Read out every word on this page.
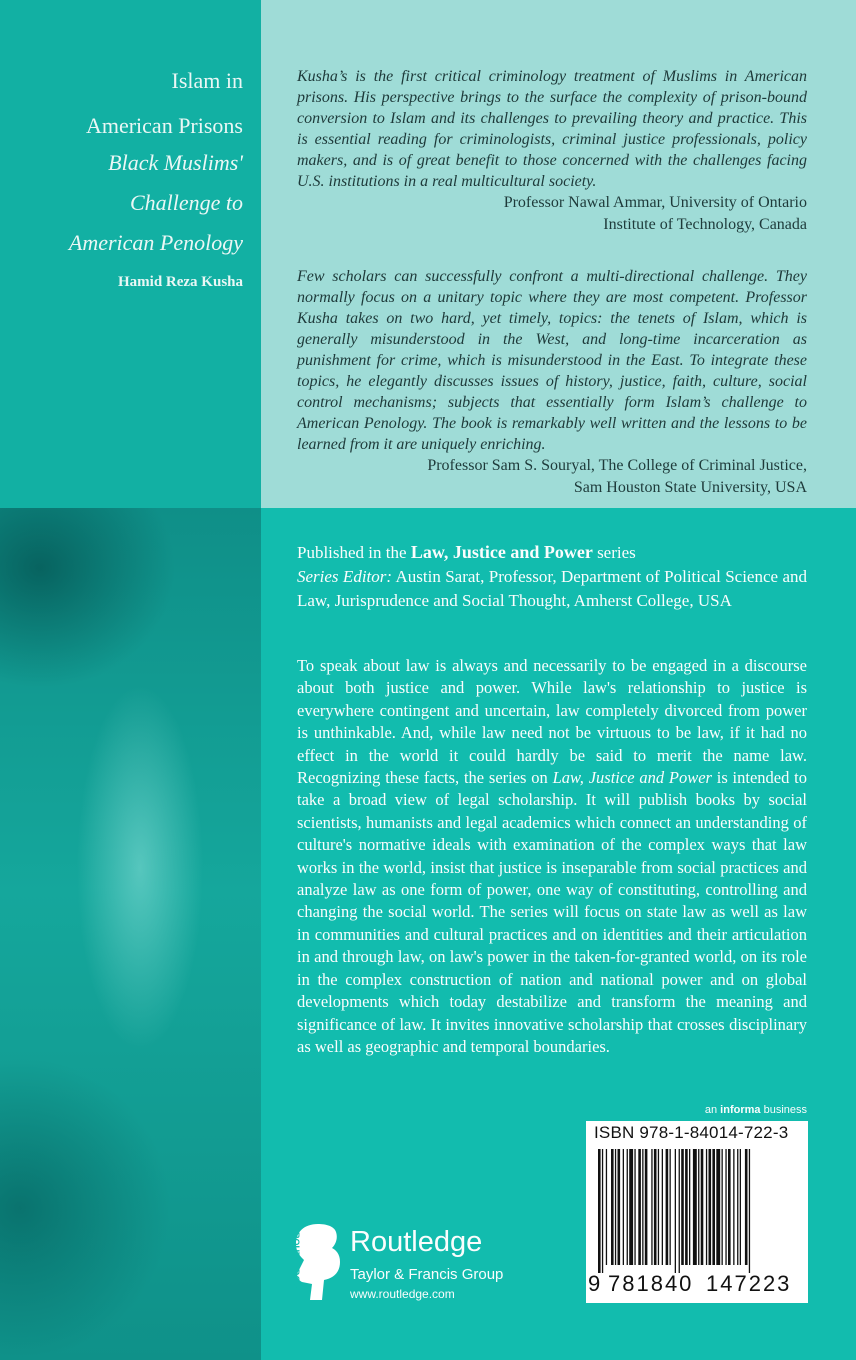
Islam in
American Prisons
Black Muslims'
Challenge to
American Penology
Hamid Reza Kusha

Kusha’s is the first critical criminology treatment of Muslims in American prisons. His perspective brings to the surface the complexity of prison-bound conversion to Islam and its challenges to prevailing theory and practice. This is essential reading for criminologists, criminal justice professionals, policy makers, and is of great benefit to those concerned with the challenges facing U.S. institutions in a real multicultural society.

Professor Nawal Ammar, University of Ontario
Institute of Technology, Canada

Few scholars can successfully confront a multi-directional challenge. They normally focus on a unitary topic where they are most competent. Professor Kusha takes on two hard, yet timely, topics: the tenets of Islam, which is generally misunderstood in the West, and long-time incarceration as punishment for crime, which is misunderstood in the East. To integrate these topics, he elegantly discusses issues of history, justice, faith, culture, social control mechanisms; subjects that essentially form Islam’s challenge to American Penology. The book is remarkably well written and the lessons to be learned from it are uniquely enriching.

Professor Sam S. Souryal, The College of Criminal Justice,
Sam Houston State University, USA
Published in the Law, Justice and Power series
Series Editor: Austin Sarat, Professor, Department of Political Science and Law, Jurisprudence and Social Thought, Amherst College, USA

To speak about law is always and necessarily to be engaged in a discourse about both justice and power. While law's relationship to justice is everywhere contingent and uncertain, law completely divorced from power is unthinkable. And, while law need not be virtuous to be law, if it had no effect in the world it could hardly be said to merit the name law. Recognizing these facts, the series on Law, Justice and Power is intended to take a broad view of legal scholarship. It will publish books by social scientists, humanists and legal academics which connect an understanding of culture's normative ideals with examination of the complex ways that law works in the world, insist that justice is inseparable from social practices and analyze law as one form of power, one way of constituting, controlling and changing the social world. The series will focus on state law as well as law in communities and cultural practices and on identities and their articulation in and through law, on law's power in the taken-for-granted world, on its role in the complex construction of nation and national power and on global developments which today destabilize and transform the meaning and significance of law. It invites innovative scholarship that crosses disciplinary as well as geographic and temporal boundaries.

an informa business
ISBN 978-1-84014-722-3
9 781840 147223
ROUTLEDGE Routledge
Taylor & Francis Group
www.routledge.com
